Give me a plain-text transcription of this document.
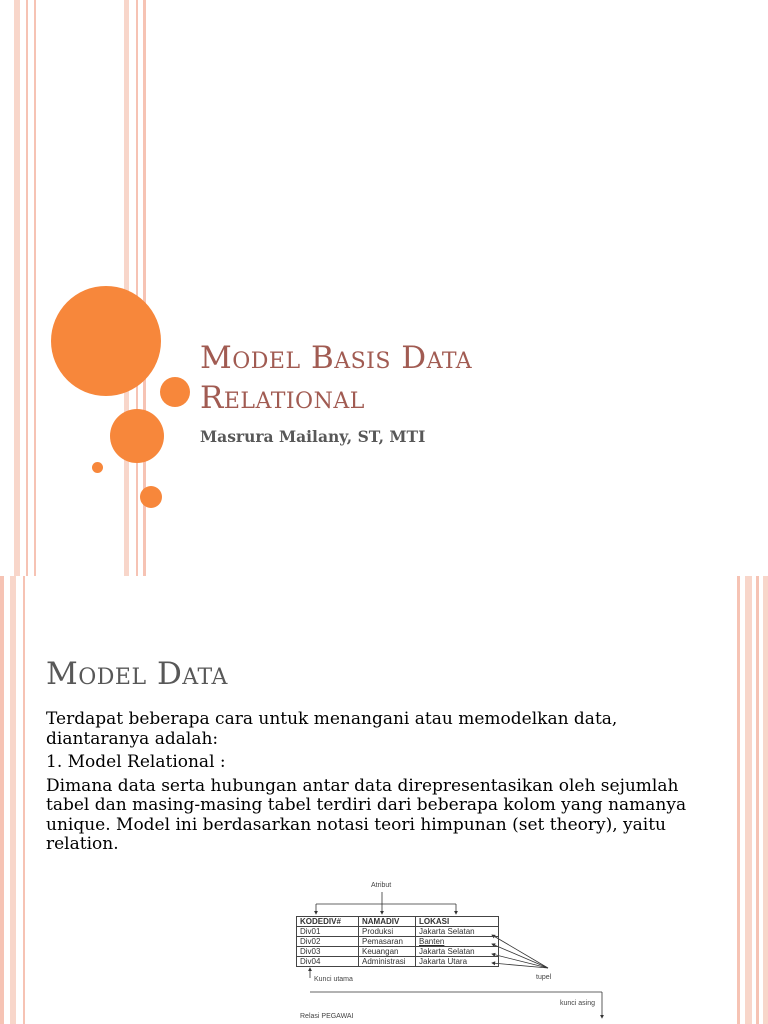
Model Basis Data
Relational

Masrura Mailany, ST, MTI

Model Data

Terdapat beberapa cara untuk menangani atau memodelkan data, diantaranya adalah:

1. Model Relational :

Dimana data serta hubungan antar data direpresentasikan oleh sejumlah tabel dan masing-masing tabel terdiri dari beberapa kolom yang namanya unique. Model ini berdasarkan notasi teori himpunan (set theory), yaitu relation.

Atribut
KODEDIV#	NAMADIV	LOKASI
Div01	Produksi	Jakarta Selatan
Div02	Pemasaran	Banten
Div03	Keuangan	Jakarta Selatan
Div04	Administrasi	Jakarta Utara
Kunci utama	tupel
kunci asing
Relasi PEGAWAI
